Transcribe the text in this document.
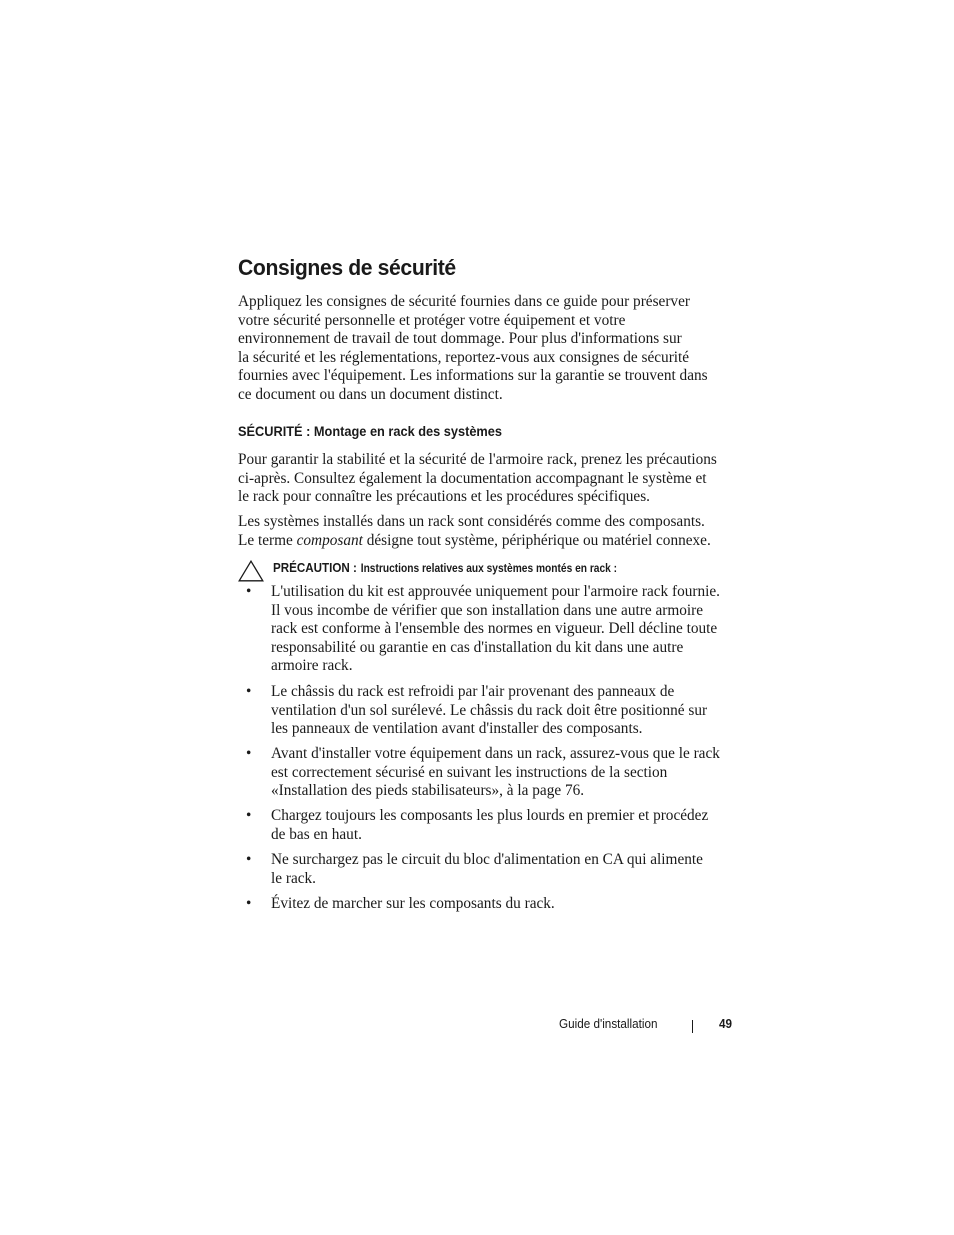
Consignes de sécurité

Appliquez les consignes de sécurité fournies dans ce guide pour préserver
votre sécurité personnelle et protéger votre équipement et votre
environnement de travail de tout dommage. Pour plus d'informations sur
la sécurité et les réglementations, reportez-vous aux consignes de sécurité
fournies avec l'équipement. Les informations sur la garantie se trouvent dans
ce document ou dans un document distinct.

SÉCURITÉ : Montage en rack des systèmes

Pour garantir la stabilité et la sécurité de l'armoire rack, prenez les précautions
ci-après. Consultez également la documentation accompagnant le système et
le rack pour connaître les précautions et les procédures spécifiques.

Les systèmes installés dans un rack sont considérés comme des composants.
Le terme composant désigne tout système, périphérique ou matériel connexe.

PRÉCAUTION : Instructions relatives aux systèmes montés en rack :
• L'utilisation du kit est approuvée uniquement pour l'armoire rack fournie.
Il vous incombe de vérifier que son installation dans une autre armoire
rack est conforme à l'ensemble des normes en vigueur. Dell décline toute
responsabilité ou garantie en cas d'installation du kit dans une autre
armoire rack.
• Le châssis du rack est refroidi par l'air provenant des panneaux de
ventilation d'un sol surélevé. Le châssis du rack doit être positionné sur
les panneaux de ventilation avant d'installer des composants.
• Avant d'installer votre équipement dans un rack, assurez-vous que le rack
est correctement sécurisé en suivant les instructions de la section
«Installation des pieds stabilisateurs», à la page 76.
• Chargez toujours les composants les plus lourds en premier et procédez
de bas en haut.
• Ne surchargez pas le circuit du bloc d'alimentation en CA qui alimente
le rack.
• Évitez de marcher sur les composants du rack.
Guide d'installation	49
